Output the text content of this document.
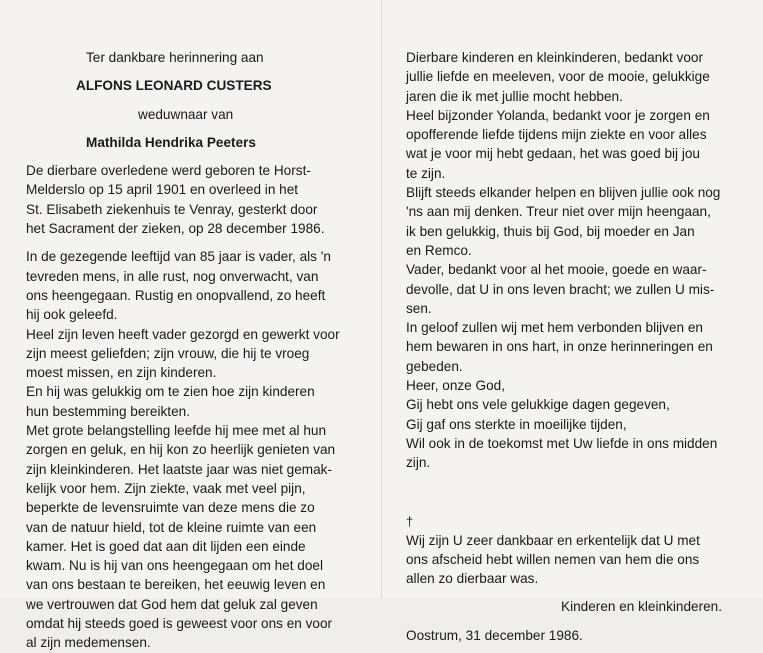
Ter dankbare herinnering aan
ALFONS LEONARD CUSTERS
weduwnaar van
Mathilda Hendrika Peeters
De dierbare overledene werd geboren te Horst-
Melderslo op 15 april 1901 en overleed in het
St. Elisabeth ziekenhuis te Venray, gesterkt door
het Sacrament der zieken, op 28 december 1986.
In de gezegende leeftijd van 85 jaar is vader, als 'n
tevreden mens, in alle rust, nog onverwacht, van
ons heengegaan. Rustig en onopvallend, zo heeft
hij ook geleefd.
Heel zijn leven heeft vader gezorgd en gewerkt voor
zijn meest geliefden; zijn vrouw, die hij te vroeg
moest missen, en zijn kinderen.
En hij was gelukkig om te zien hoe zijn kinderen
hun bestemming bereikten.
Met grote belangstelling leefde hij mee met al hun
zorgen en geluk, en hij kon zo heerlijk genieten van
zijn kleinkinderen. Het laatste jaar was niet gemak-
kelijk voor hem. Zijn ziekte, vaak met veel pijn,
beperkte de levensruimte van deze mens die zo
van de natuur hield, tot de kleine ruimte van een
kamer. Het is goed dat aan dit lijden een einde
kwam. Nu is hij van ons heengegaan om het doel
van ons bestaan te bereiken, het eeuwig leven en
we vertrouwen dat God hem dat geluk zal geven
omdat hij steeds goed is geweest voor ons en voor
al zijn medemensen.
Dierbare kinderen en kleinkinderen, bedankt voor
jullie liefde en meeleven, voor de mooie, gelukkige
jaren die ik met jullie mocht hebben.
Heel bijzonder Yolanda, bedankt voor je zorgen en
opofferende liefde tijdens mijn ziekte en voor alles
wat je voor mij hebt gedaan, het was goed bij jou
te zijn.
Blijft steeds elkander helpen en blijven jullie ook nog
'ns aan mij denken. Treur niet over mijn heengaan,
ik ben gelukkig, thuis bij God, bij moeder en Jan
en Remco.
Vader, bedankt voor al het mooie, goede en waar-
devolle, dat U in ons leven bracht; we zullen U mis-
sen.
In geloof zullen wij met hem verbonden blijven en
hem bewaren in ons hart, in onze herinneringen en
gebeden.
Heer, onze God,
Gij hebt ons vele gelukkige dagen gegeven,
Gij gaf ons sterkte in moeilijke tijden,
Wil ook in de toekomst met Uw liefde in ons midden
zijn.
†
Wij zijn U zeer dankbaar en erkentelijk dat U met
ons afscheid hebt willen nemen van hem die ons
allen zo dierbaar was.
Kinderen en kleinkinderen.
Oostrum, 31 december 1986.
